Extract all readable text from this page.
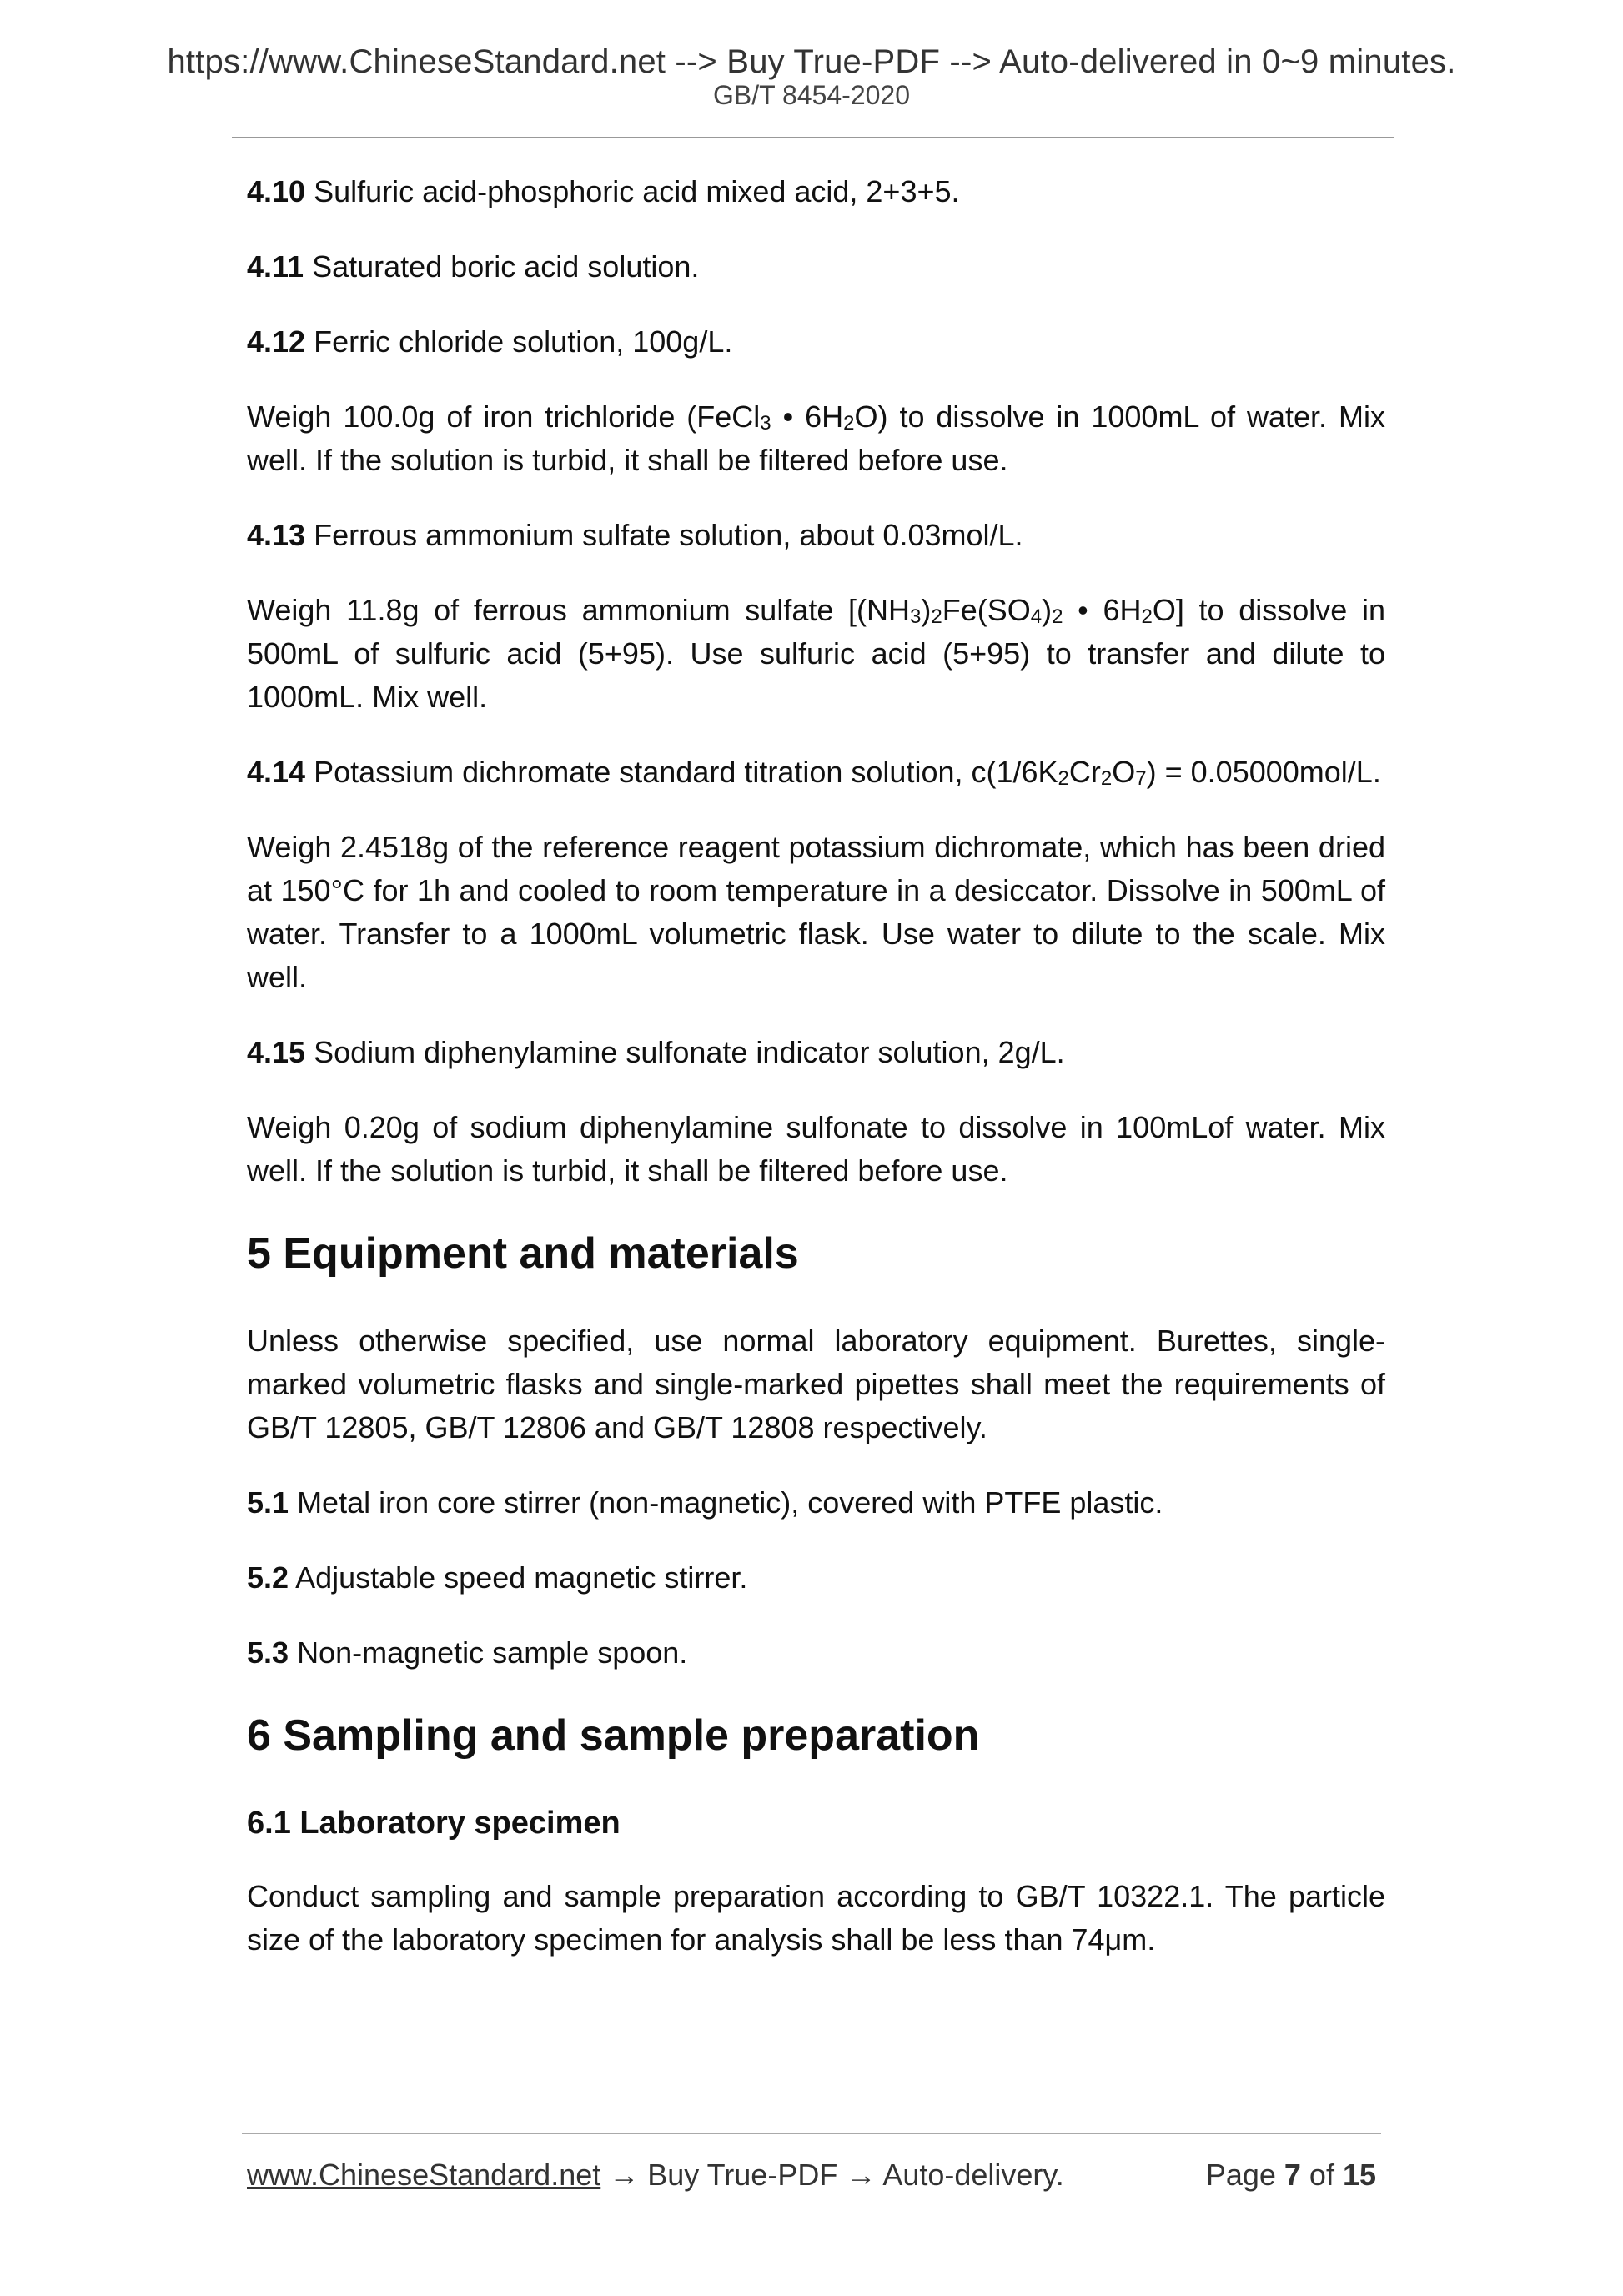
https://www.ChineseStandard.net --> Buy True-PDF --> Auto-delivered in 0~9 minutes.
GB/T 8454-2020

4.10 Sulfuric acid-phosphoric acid mixed acid, 2+3+5.

4.11 Saturated boric acid solution.

4.12 Ferric chloride solution, 100g/L.

Weigh 100.0g of iron trichloride (FeCl$_3$ • $6H_2O$) to dissolve in 1000mL of water. Mix well. If the solution is turbid, it shall be filtered before use.

4.13 Ferrous ammonium sulfate solution, about 0.03mol/L.

Weigh 11.8g of ferrous ammonium sulfate [$(NH_3)_2Fe(SO_4)_2$ • $6H_2O$] to dissolve in 500mL of sulfuric acid (5+95). Use sulfuric acid (5+95) to transfer and dilute to 1000mL. Mix well.

4.14 Potassium dichromate standard titration solution, $c(1/6K_2Cr_2O_7) = 0.05000mol/L$.

Weigh 2.4518g of the reference reagent potassium dichromate, which has been dried at 150°C for 1h and cooled to room temperature in a desiccator. Dissolve in 500mL of water. Transfer to a 1000mL volumetric flask. Use water to dilute to the scale. Mix well.

4.15 Sodium diphenylamine sulfonate indicator solution, 2g/L.

Weigh 0.20g of sodium diphenylamine sulfonate to dissolve in 100mLof water. Mix well. If the solution is turbid, it shall be filtered before use.

5 Equipment and materials

Unless otherwise specified, use normal laboratory equipment. Burettes, single-marked volumetric flasks and single-marked pipettes shall meet the requirements of GB/T 12805, GB/T 12806 and GB/T 12808 respectively.

5.1 Metal iron core stirrer (non-magnetic), covered with PTFE plastic.

5.2 Adjustable speed magnetic stirrer.

5.3 Non-magnetic sample spoon.

6 Sampling and sample preparation
6.1 Laboratory specimen

Conduct sampling and sample preparation according to GB/T 10322.1. The particle size of the laboratory specimen for analysis shall be less than 74μm.

www.ChineseStandard.net → Buy True-PDF → Auto-delivery.	Page 7 of 15
